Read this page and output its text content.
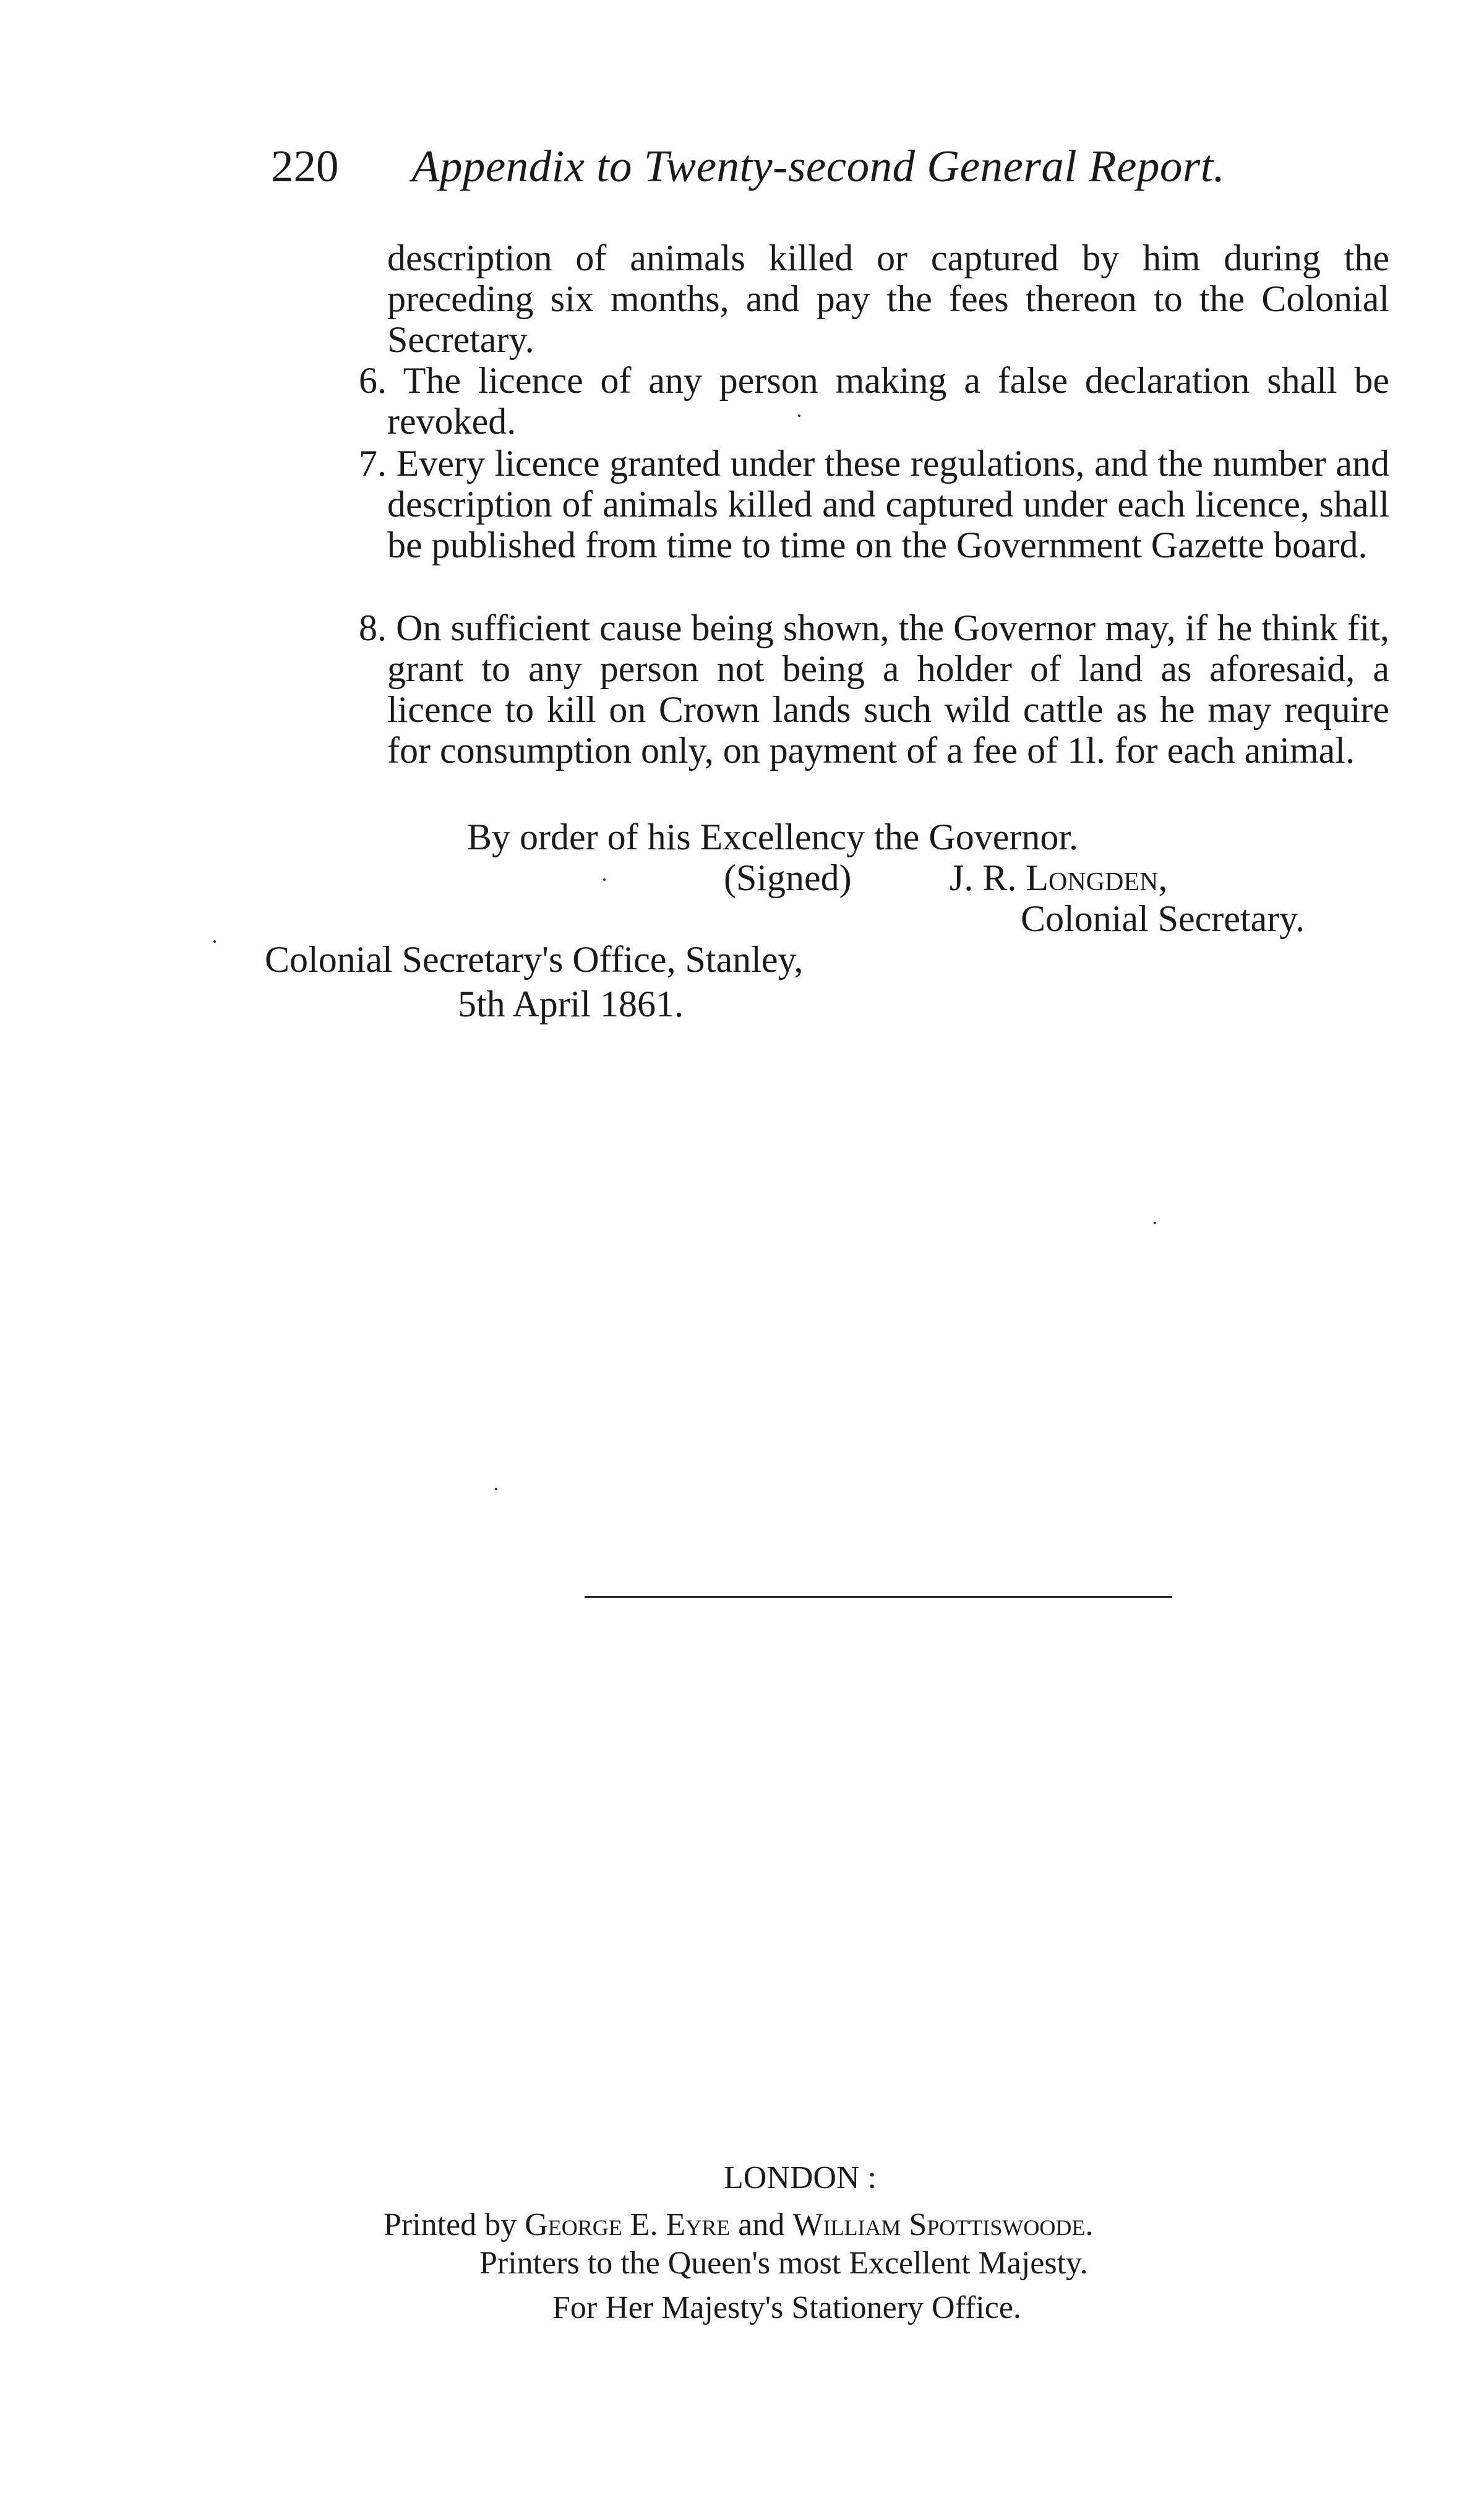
220 Appendix to Twenty-second General Report.
description of animals killed or captured by him during the preceding six months, and pay the fees thereon to the Colonial Secretary.
6. The licence of any person making a false declaration shall be revoked.
7. Every licence granted under these regulations, and the number and description of animals killed and captured under each licence, shall be published from time to time on the Government Gazette board.
8. On sufficient cause being shown, the Governor may, if he think fit, grant to any person not being a holder of land as aforesaid, a licence to kill on Crown lands such wild cattle as he may require for consumption only, on payment of a fee of 1l. for each animal.
By order of his Excellency the Governor.
(Signed)	J. R. Longden,
Colonial Secretary.
Colonial Secretary's Office, Stanley,
5th April 1861.
LONDON :
Printed by George E. Eyre and William Spottiswoode.
Printers to the Queen's most Excellent Majesty.
For Her Majesty's Stationery Office.
